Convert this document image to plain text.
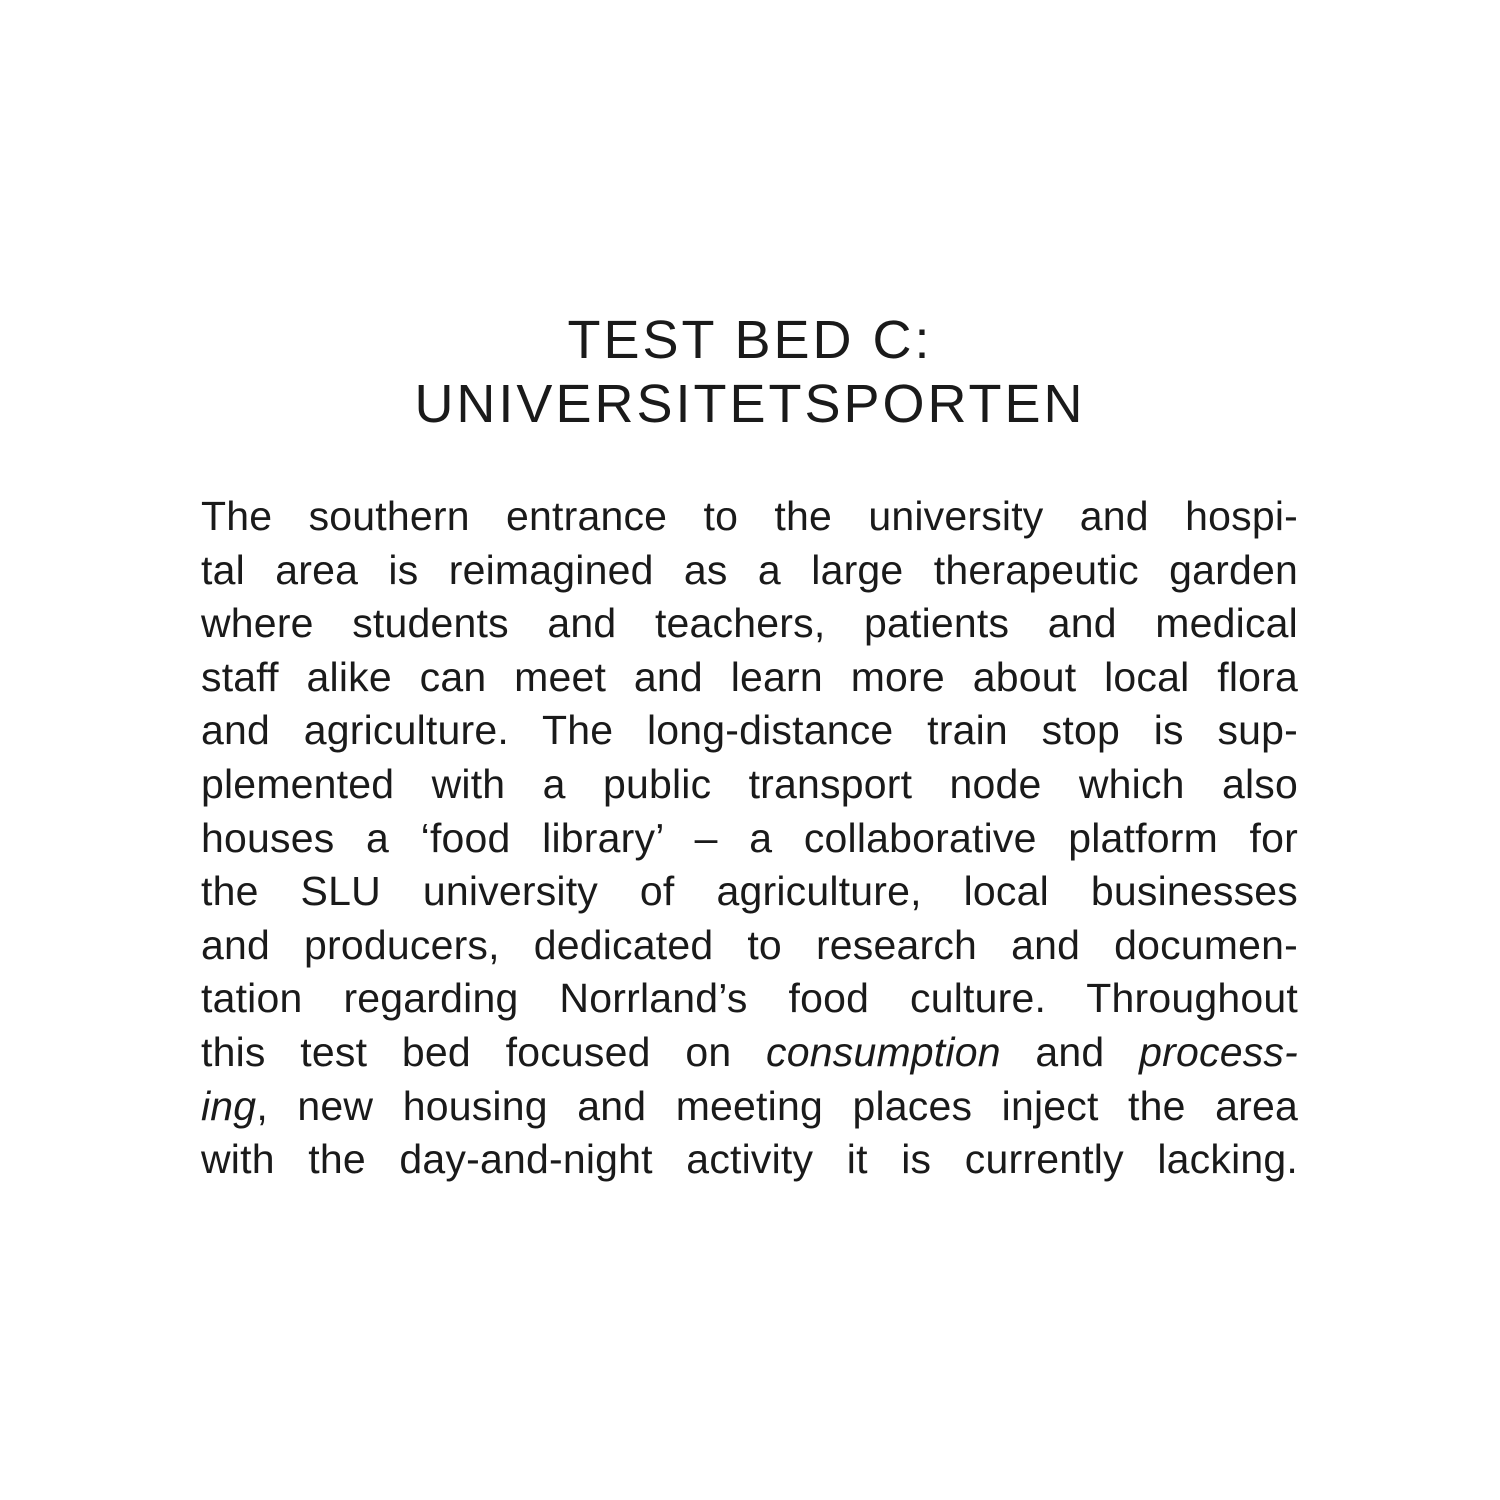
TEST BED C:
UNIVERSITETSPORTEN
The southern entrance to the university and hospi-
tal area is reimagined as a large therapeutic garden
where students and teachers, patients and medical
staff alike can meet and learn more about local flora
and agriculture. The long-distance train stop is sup-
plemented with a public transport node which also
houses a ‘food library’ – a collaborative platform for
the SLU university of agriculture, local businesses
and producers, dedicated to research and documen-
tation regarding Norrland’s food culture. Throughout
this test bed focused on consumption and process-
ing, new housing and meeting places inject the area
with the day-and-night activity it is currently lacking.
